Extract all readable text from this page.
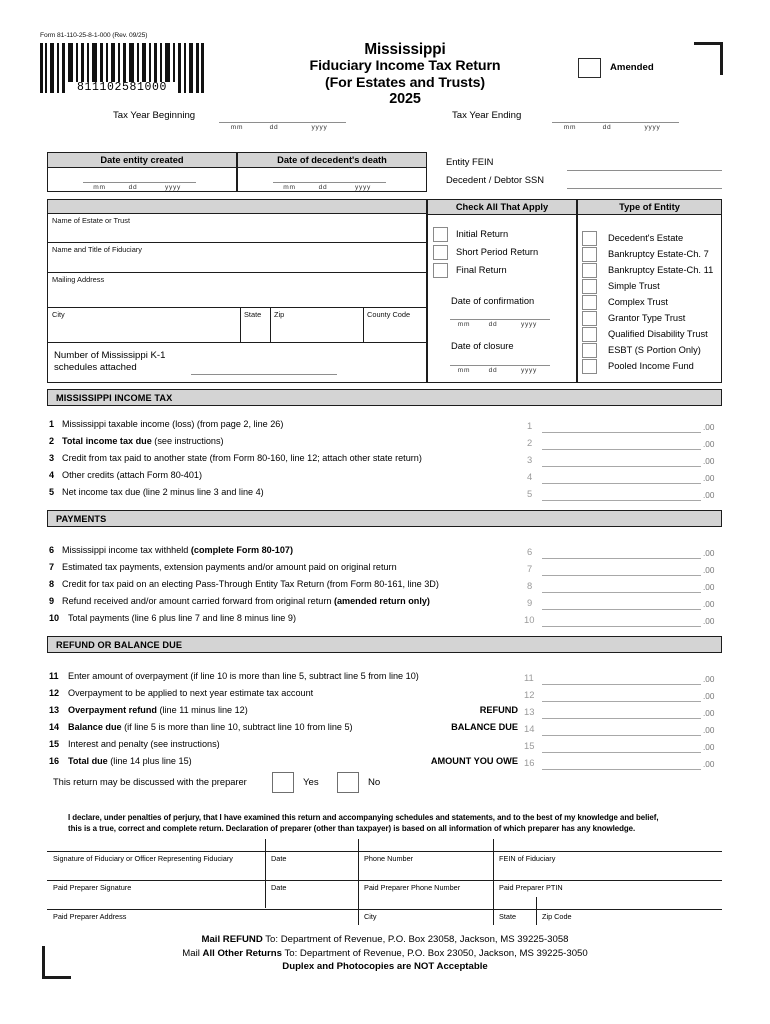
Form 81-110-25-8-1-000 (Rev. 09/25)
811102581000
Mississippi
Fiduciary Income Tax Return
(For Estates and Trusts)
2025
Amended
Tax Year Beginning
mm	dd	yyyy
Tax Year Ending
mm	dd	yyyy
Date entity created
mm	dd	yyyy
Date of decedent's death
mm	dd	yyyy
Entity FEIN
Decedent / Debtor SSN
Name of Estate or Trust
Name and Title of Fiduciary
Mailing Address
City	State Zip	County Code
Number of Mississippi K-1
schedules attached
Check All That Apply
Initial Return
Short Period Return
Final Return
Date of confirmation
mm	dd	yyyy
Date of closure
mm	dd	yyyy
Type of Entity
Decedent's Estate
Bankruptcy Estate-Ch. 7
Bankruptcy Estate-Ch. 11
Simple Trust
Complex Trust
Grantor Type Trust
Qualified Disability Trust
ESBT (S Portion Only)
Pooled Income Fund
MISSISSIPPI INCOME TAX
1 Mississippi taxable income (loss) (from page 2, line 26)	1	.00
2 Total income tax due (see instructions)	2	.00
3 Credit from tax paid to another state (from Form 80-160, line 12; attach other state return)	3	.00
4 Other credits (attach Form 80-401)	4	.00
5 Net income tax due (line 2 minus line 3 and line 4)	5	.00
PAYMENTS
6 Mississippi income tax withheld (complete Form 80-107)	6	.00
7 Estimated tax payments, extension payments and/or amount paid on original return	7	.00
8 Credit for tax paid on an electing Pass-Through Entity Tax Return (from Form 80-161, line 3D)	8	.00
9 Refund received and/or amount carried forward from original return (amended return only)	9	.00
10 Total payments (line 6 plus line 7 and line 8 minus line 9)	10	.00
REFUND OR BALANCE DUE
11 Enter amount of overpayment (if line 10 is more than line 5, subtract line 5 from line 10)	11	.00
12 Overpayment to be applied to next year estimate tax account	12	.00
13 Overpayment refund (line 11 minus line 12)	REFUND 13	.00
14 Balance due (if line 5 is more than line 10, subtract line 10 from line 5)	BALANCE DUE 14	.00
15 Interest and penalty (see instructions)	15	.00
16 Total due (line 14 plus line 15)	AMOUNT YOU OWE 16	.00
This return may be discussed with the preparer	Yes	No
I declare, under penalties of perjury, that I have examined this return and accompanying schedules and statements, and to the best of my knowledge and belief,
this is a true, correct and complete return. Declaration of preparer (other than taxpayer) is based on all information of which preparer has any knowledge.
Signature of Fiduciary or Officer Representing Fiduciary	Date	Phone Number	FEIN of Fiduciary
Paid Preparer Signature	Date	Paid Preparer Phone Number	Paid Preparer PTIN
Paid Preparer Address	City	State	Zip Code
Mail REFUND To: Department of Revenue, P.O. Box 23058, Jackson, MS 39225-3058
Mail All Other Returns To: Department of Revenue, P.O. Box 23050, Jackson, MS 39225-3050
Duplex and Photocopies are NOT Acceptable
